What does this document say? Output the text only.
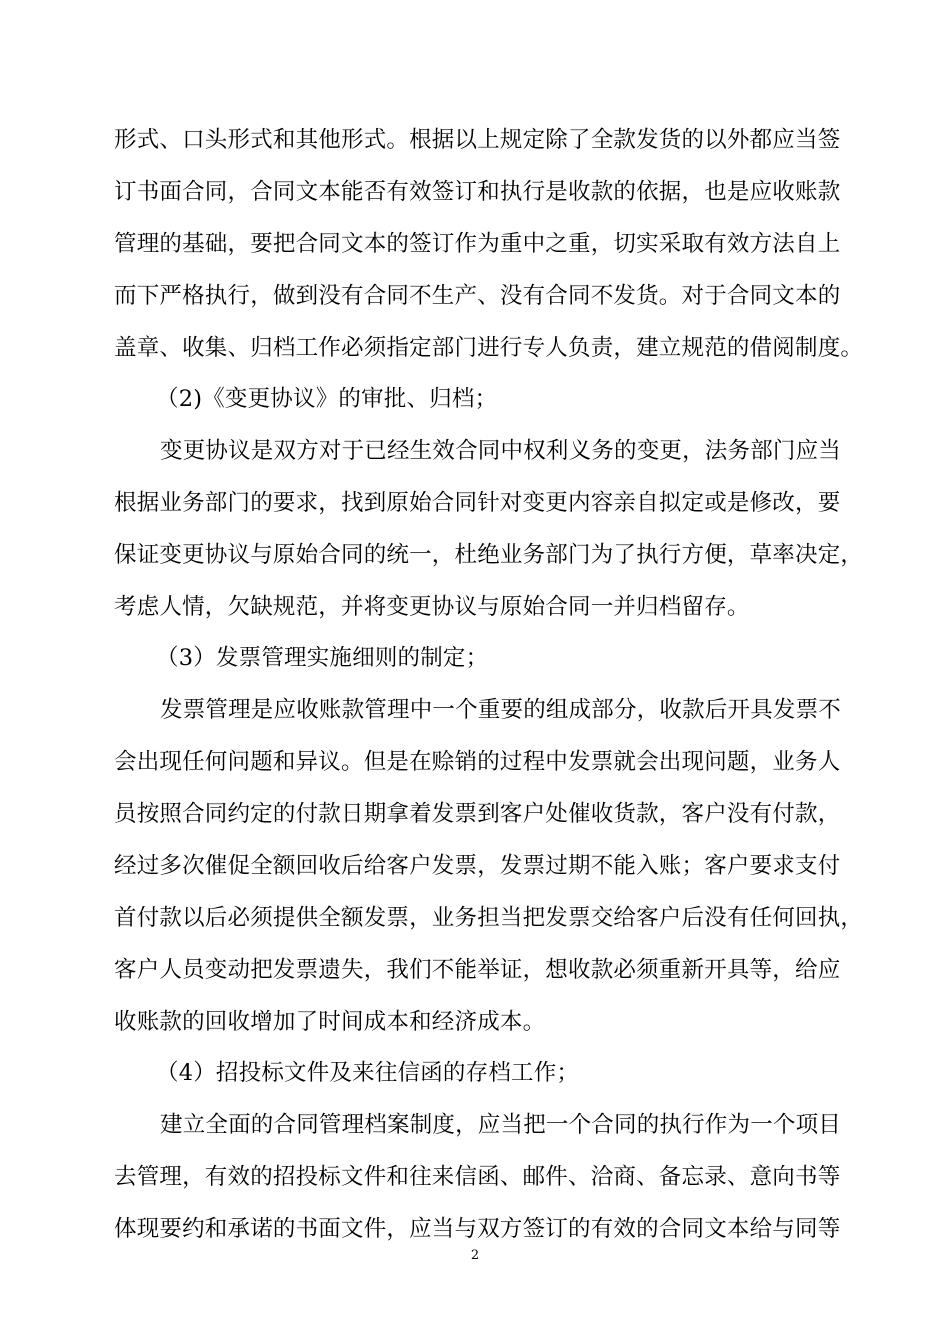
形式、口头形式和其他形式。根据以上规定除了全款发货的以外都应当签
订书面合同，合同文本能否有效签订和执行是收款的依据，也是应收账款
管理的基础，要把合同文本的签订作为重中之重，切实采取有效方法自上
而下严格执行，做到没有合同不生产、没有合同不发货。对于合同文本的
盖章、收集、归档工作必须指定部门进行专人负责，建立规范的借阅制度。
（2)《变更协议》的审批、归档；
变更协议是双方对于已经生效合同中权利义务的变更，法务部门应当
根据业务部门的要求，找到原始合同针对变更内容亲自拟定或是修改，要
保证变更协议与原始合同的统一，杜绝业务部门为了执行方便，草率决定，
考虑人情，欠缺规范，并将变更协议与原始合同一并归档留存。
（3）发票管理实施细则的制定；
发票管理是应收账款管理中一个重要的组成部分，收款后开具发票不
会出现任何问题和异议。但是在赊销的过程中发票就会出现问题，业务人
员按照合同约定的付款日期拿着发票到客户处催收货款，客户没有付款，
经过多次催促全额回收后给客户发票，发票过期不能入账；客户要求支付
首付款以后必须提供全额发票，业务担当把发票交给客户后没有任何回执，
客户人员变动把发票遗失，我们不能举证，想收款必须重新开具等，给应
收账款的回收增加了时间成本和经济成本。
（4）招投标文件及来往信函的存档工作；
建立全面的合同管理档案制度，应当把一个合同的执行作为一个项目
去管理，有效的招投标文件和往来信函、邮件、洽商、备忘录、意向书等
体现要约和承诺的书面文件，应当与双方签订的有效的合同文本给与同等
2
